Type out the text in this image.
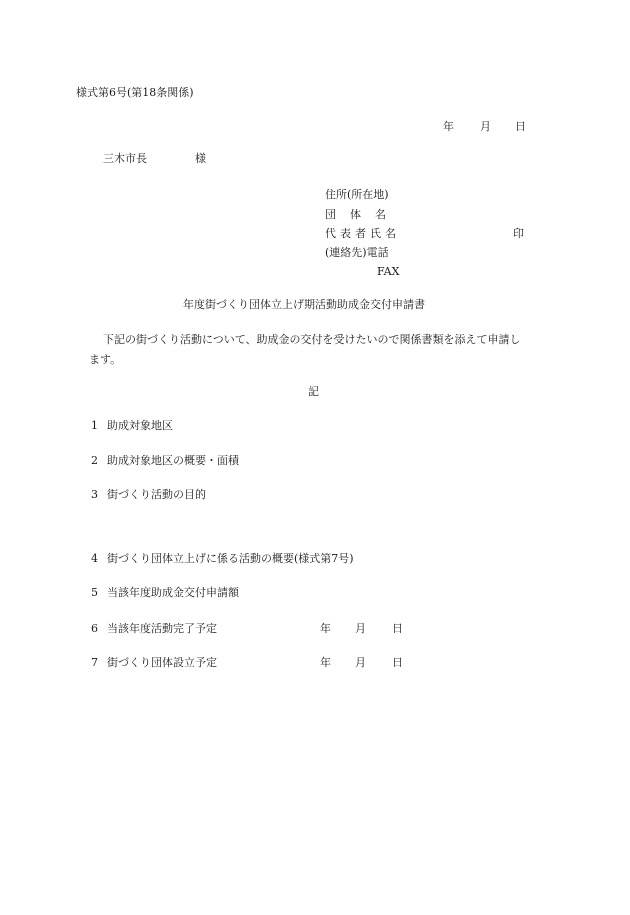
様式第6号(第18条関係)
年 月 日
三木市長	様
住所(所在地)
団体名
代表者氏名	印
(連絡先)電話
FAX
年度街づくり団体立上げ期活動助成金交付申請書
下記の街づくり活動について、助成金の交付を受けたいので関係書類を添えて申請し
ます。
記
1 助成対象地区
2 助成対象地区の概要・面積
3 街づくり活動の目的
4 街づくり団体立上げに係る活動の概要(様式第7号)
5 当該年度助成金交付申請額
6 当該年度活動完了予定	年 月 日
7 街づくり団体設立予定	年 月 日
